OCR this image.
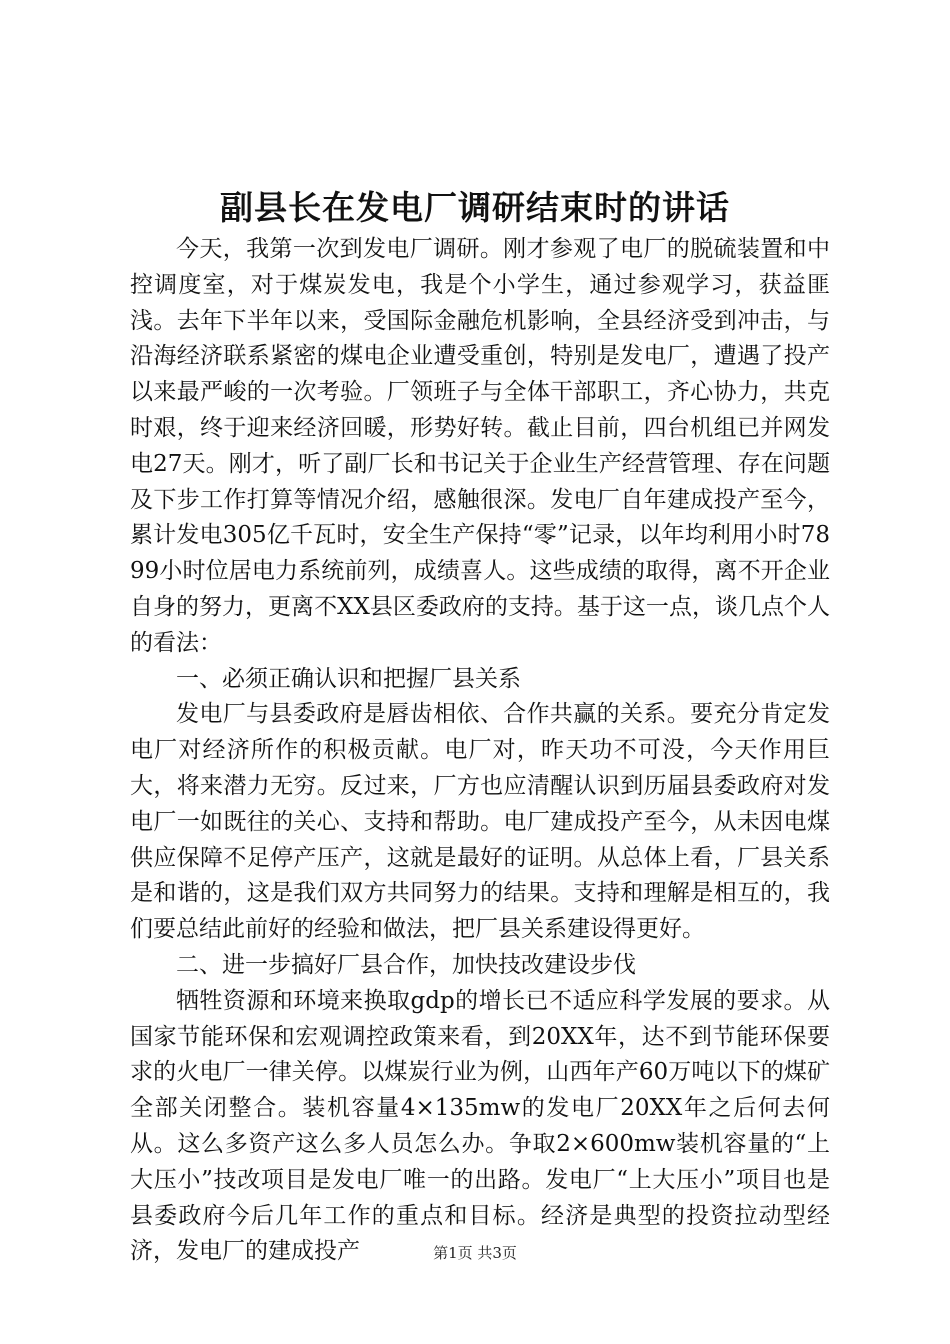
副县长在发电厂调研结束时的讲话

今天，我第一次到发电厂调研。刚才参观了电厂的脱硫装置和中控调度室，对于煤炭发电，我是个小学生，通过参观学习，获益匪浅。去年下半年以来，受国际金融危机影响，全县经济受到冲击，与沿海经济联系紧密的煤电企业遭受重创，特别是发电厂，遭遇了投产以来最严峻的一次考验。厂领班子与全体干部职工，齐心协力，共克时艰，终于迎来经济回暖，形势好转。截止目前，四台机组已并网发电27天。刚才，听了副厂长和书记关于企业生产经营管理、存在问题及下步工作打算等情况介绍，感触很深。发电厂自年建成投产至今，累计发电305亿千瓦时，安全生产保持“零”记录，以年均利用小时7899小时位居电力系统前列，成绩喜人。这些成绩的取得，离不开企业自身的努力，更离不XX县区委政府的支持。基于这一点，谈几点个人的看法：

一、必须正确认识和把握厂县关系

发电厂与县委政府是唇齿相依、合作共赢的关系。要充分肯定发电厂对经济所作的积极贡献。电厂对，昨天功不可没，今天作用巨大，将来潜力无穷。反过来，厂方也应清醒认识到历届县委政府对发电厂一如既往的关心、支持和帮助。电厂建成投产至今，从未因电煤供应保障不足停产压产，这就是最好的证明。从总体上看，厂县关系是和谐的，这是我们双方共同努力的结果。支持和理解是相互的，我们要总结此前好的经验和做法，把厂县关系建设得更好。

二、进一步搞好厂县合作，加快技改建设步伐

牺牲资源和环境来换取gdp的增长已不适应科学发展的要求。从国家节能环保和宏观调控政策来看，到20XX年，达不到节能环保要求的火电厂一律关停。以煤炭行业为例，山西年产60万吨以下的煤矿全部关闭整合。装机容量4×135mw的发电厂20XX年之后何去何从。这么多资产这么多人员怎么办。争取2×600mw装机容量的“上大压小”技改项目是发电厂唯一的出路。发电厂“上大压小”项目也是县委政府今后几年工作的重点和目标。经济是典型的投资拉动型经济，发电厂的建成投产	第1页 共3页
